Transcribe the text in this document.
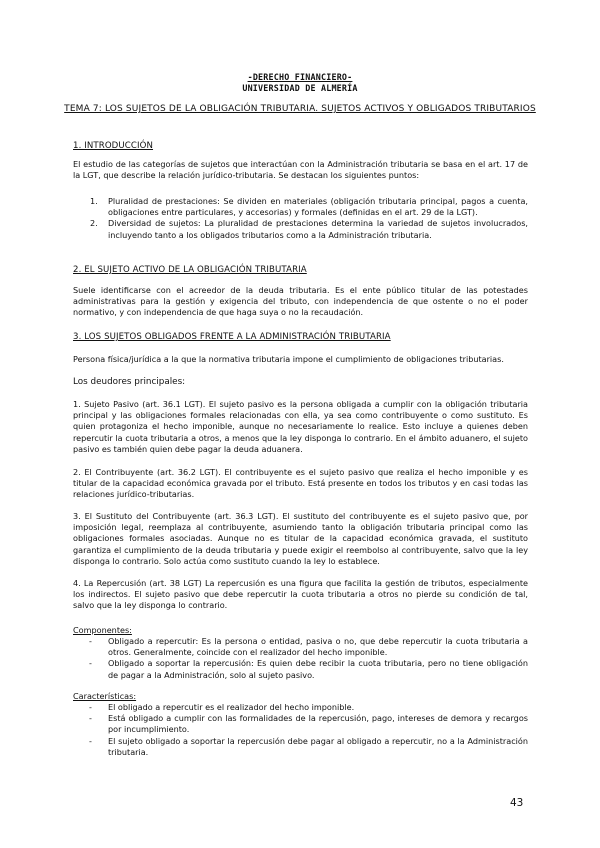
-DERECHO FINANCIERO-
UNIVERSIDAD DE ALMERÍA
TEMA 7: LOS SUJETOS DE LA OBLIGACIÓN TRIBUTARIA. SUJETOS ACTIVOS Y OBLIGADOS TRIBUTARIOS
1. INTRODUCCIÓN
El estudio de las categorías de sujetos que interactúan con la Administración tributaria se basa en el art. 17 de la LGT, que describe la relación jurídico-tributaria. Se destacan los siguientes puntos:
1. Pluralidad de prestaciones: Se dividen en materiales (obligación tributaria principal, pagos a cuenta, obligaciones entre particulares, y accesorias) y formales (definidas en el art. 29 de la LGT).
2. Diversidad de sujetos: La pluralidad de prestaciones determina la variedad de sujetos involucrados, incluyendo tanto a los obligados tributarios como a la Administración tributaria.
2. EL SUJETO ACTIVO DE LA OBLIGACIÓN TRIBUTARIA
Suele identificarse con el acreedor de la deuda tributaria. Es el ente público titular de las potestades administrativas para la gestión y exigencia del tributo, con independencia de que ostente o no el poder normativo, y con independencia de que haga suya o no la recaudación.
3. LOS SUJETOS OBLIGADOS FRENTE A LA ADMINISTRACIÓN TRIBUTARIA
Persona física/jurídica a la que la normativa tributaria impone el cumplimiento de obligaciones tributarias.
Los deudores principales:
1. Sujeto Pasivo (art. 36.1 LGT). El sujeto pasivo es la persona obligada a cumplir con la obligación tributaria principal y las obligaciones formales relacionadas con ella, ya sea como contribuyente o como sustituto. Es quien protagoniza el hecho imponible, aunque no necesariamente lo realice. Esto incluye a quienes deben repercutir la cuota tributaria a otros, a menos que la ley disponga lo contrario. En el ámbito aduanero, el sujeto pasivo es también quien debe pagar la deuda aduanera.
2. El Contribuyente (art. 36.2 LGT). El contribuyente es el sujeto pasivo que realiza el hecho imponible y es titular de la capacidad económica gravada por el tributo. Está presente en todos los tributos y en casi todas las relaciones jurídico-tributarias.
3. El Sustituto del Contribuyente (art. 36.3 LGT). El sustituto del contribuyente es el sujeto pasivo que, por imposición legal, reemplaza al contribuyente, asumiendo tanto la obligación tributaria principal como las obligaciones formales asociadas. Aunque no es titular de la capacidad económica gravada, el sustituto garantiza el cumplimiento de la deuda tributaria y puede exigir el reembolso al contribuyente, salvo que la ley disponga lo contrario. Solo actúa como sustituto cuando la ley lo establece.
4. La Repercusión (art. 38 LGT) La repercusión es una figura que facilita la gestión de tributos, especialmente los indirectos. El sujeto pasivo que debe repercutir la cuota tributaria a otros no pierde su condición de tal, salvo que la ley disponga lo contrario.
Componentes:
- Obligado a repercutir: Es la persona o entidad, pasiva o no, que debe repercutir la cuota tributaria a otros. Generalmente, coincide con el realizador del hecho imponible.
- Obligado a soportar la repercusión: Es quien debe recibir la cuota tributaria, pero no tiene obligación de pagar a la Administración, solo al sujeto pasivo.
Características:
- El obligado a repercutir es el realizador del hecho imponible.
- Está obligado a cumplir con las formalidades de la repercusión, pago, intereses de demora y recargos por incumplimiento.
- El sujeto obligado a soportar la repercusión debe pagar al obligado a repercutir, no a la Administración tributaria.
43
